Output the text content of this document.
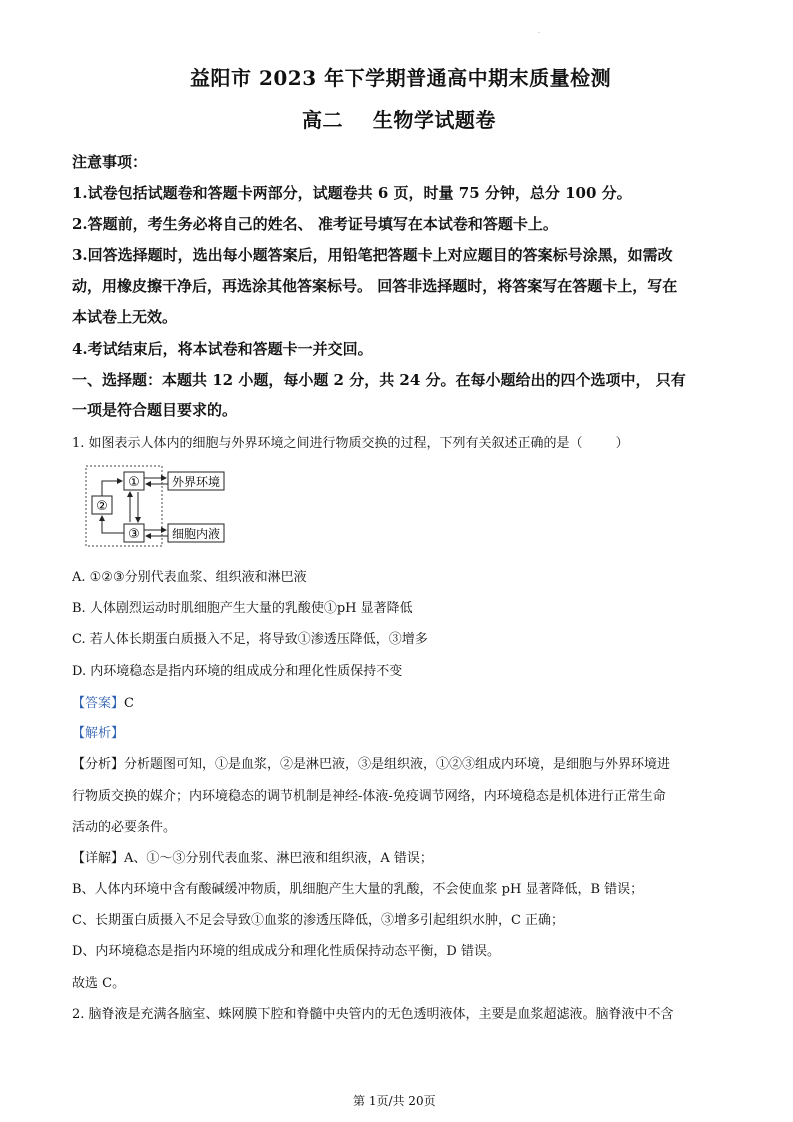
·
益阳市 2023 年下学期普通高中期末质量检测
高二    生物学试题卷
注意事项：
1.试卷包括试题卷和答题卡两部分，试题卷共 6 页，时量 75 分钟，总分 100 分。
2.答题前，考生务必将自己的姓名、 准考证号填写在本试卷和答题卡上。
3.回答选择题时，选出每小题答案后，用铅笔把答题卡上对应题目的答案标号涂黑，如需改
动，用橡皮擦干净后，再选涂其他答案标号。 回答非选择题时，将答案写在答题卡上，写在
本试卷上无效。
4.考试结束后，将本试卷和答题卡一并交回。
一、选择题：本题共 12 小题，每小题 2 分，共 24 分。在每小题给出的四个选项中， 只有
一项是符合题目要求的。
1. 如图表示人体内的细胞与外界环境之间进行物质交换的过程，下列有关叙述正确的是（        ）
①
②
③
外界环境
细胞内液
A. ①②③分别代表血浆、组织液和淋巴液
B. 人体剧烈运动时肌细胞产生大量的乳酸使①pH 显著降低
C. 若人体长期蛋白质摄入不足，将导致①渗透压降低，③增多
D. 内环境稳态是指内环境的组成成分和理化性质保持不变
【答案】C
【解析】
【分析】分析题图可知，①是血浆，②是淋巴液，③是组织液，①②③组成内环境，是细胞与外界环境进
行物质交换的媒介；内环境稳态的调节机制是神经-体液-免疫调节网络，内环境稳态是机体进行正常生命
活动的必要条件。
【详解】A、①～③分别代表血浆、淋巴液和组织液，A 错误；
B、人体内环境中含有酸碱缓冲物质，肌细胞产生大量的乳酸，不会使血浆 pH 显著降低，B 错误；
C、长期蛋白质摄入不足会导致①血浆的渗透压降低，③增多引起组织水肿，C 正确；
D、内环境稳态是指内环境的组成成分和理化性质保持动态平衡，D 错误。
故选 C。
2. 脑脊液是充满各脑室、蛛网膜下腔和脊髓中央管内的无色透明液体，主要是血浆超滤液。脑脊液中不含
第 1页/共 20页
